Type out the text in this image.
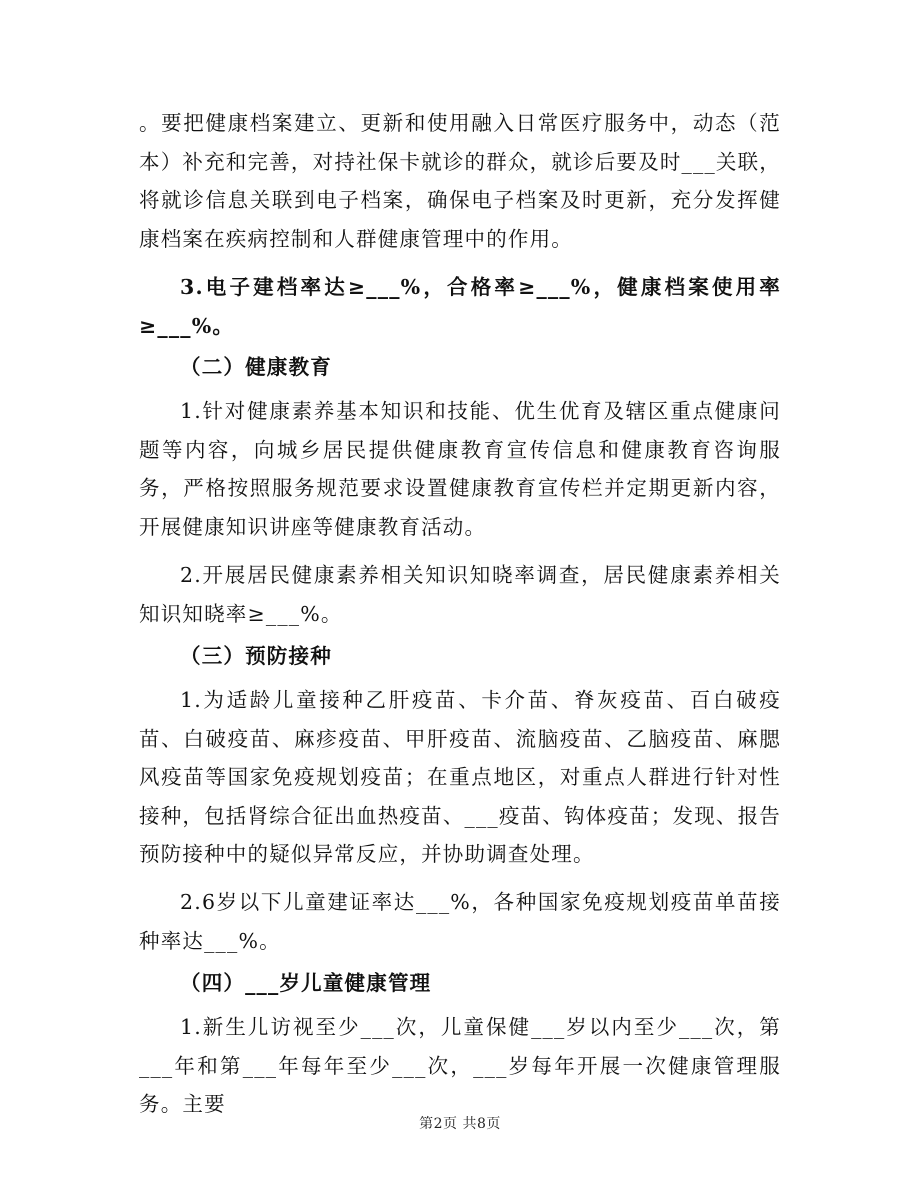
。要把健康档案建立、更新和使用融入日常医疗服务中，动态（范本）补充和完善，对持社保卡就诊的群众，就诊后要及时___关联，将就诊信息关联到电子档案，确保电子档案及时更新，充分发挥健康档案在疾病控制和人群健康管理中的作用。

3.电子建档率达≥___%，合格率≥___%，健康档案使用率≥___%。

（二）健康教育

1.针对健康素养基本知识和技能、优生优育及辖区重点健康问题等内容，向城乡居民提供健康教育宣传信息和健康教育咨询服务，严格按照服务规范要求设置健康教育宣传栏并定期更新内容，开展健康知识讲座等健康教育活动。

2.开展居民健康素养相关知识知晓率调查，居民健康素养相关知识知晓率≥___%。

（三）预防接种

1.为适龄儿童接种乙肝疫苗、卡介苗、脊灰疫苗、百白破疫苗、白破疫苗、麻疹疫苗、甲肝疫苗、流脑疫苗、乙脑疫苗、麻腮风疫苗等国家免疫规划疫苗；在重点地区，对重点人群进行针对性接种，包括肾综合征出血热疫苗、___疫苗、钩体疫苗；发现、报告预防接种中的疑似异常反应，并协助调查处理。

2.6岁以下儿童建证率达___%，各种国家免疫规划疫苗单苗接种率达___%。

（四）___岁儿童健康管理

1.新生儿访视至少___次，儿童保健___岁以内至少___次，第___年和第___年每年至少___次，___岁每年开展一次健康管理服务。主要

第2页 共8页
